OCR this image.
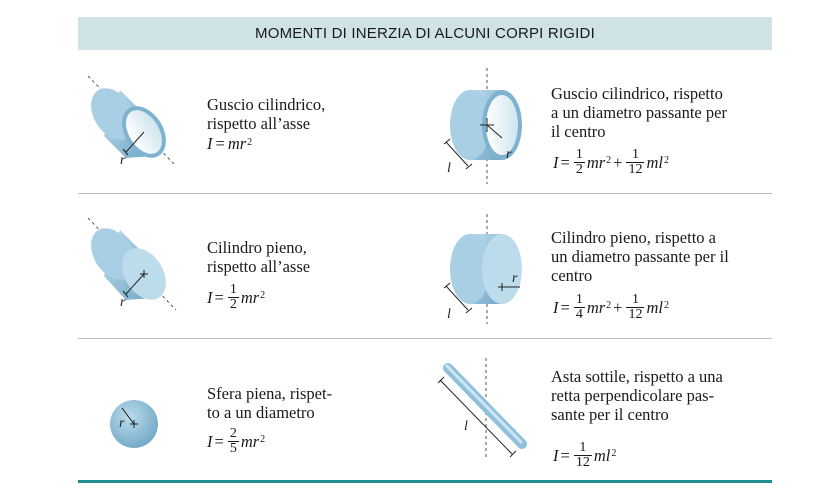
MOMENTI DI INERZIA DI ALCUNI CORPI RIGIDI
r
Guscio cilindrico,
rispetto all’asse
$I = mr^2$
l
r
Guscio cilindrico, rispetto
a un diametro passante per
il centro
$I = \frac{1}{2} mr^2 + \frac{1}{12} ml^2$
r
Cilindro pieno,
rispetto all’asse
$I = \frac{1}{2} mr^2$
l
r
Cilindro pieno, rispetto a
un diametro passante per il
centro
$I = \frac{1}{4} mr^2 + \frac{1}{12} ml^2$
r
Sfera piena, rispet-
to a un diametro
$I = \frac{2}{5} mr^2$
l
Asta sottile, rispetto a una
retta perpendicolare pas-
sante per il centro
$I = \frac{1}{12} ml^2$
